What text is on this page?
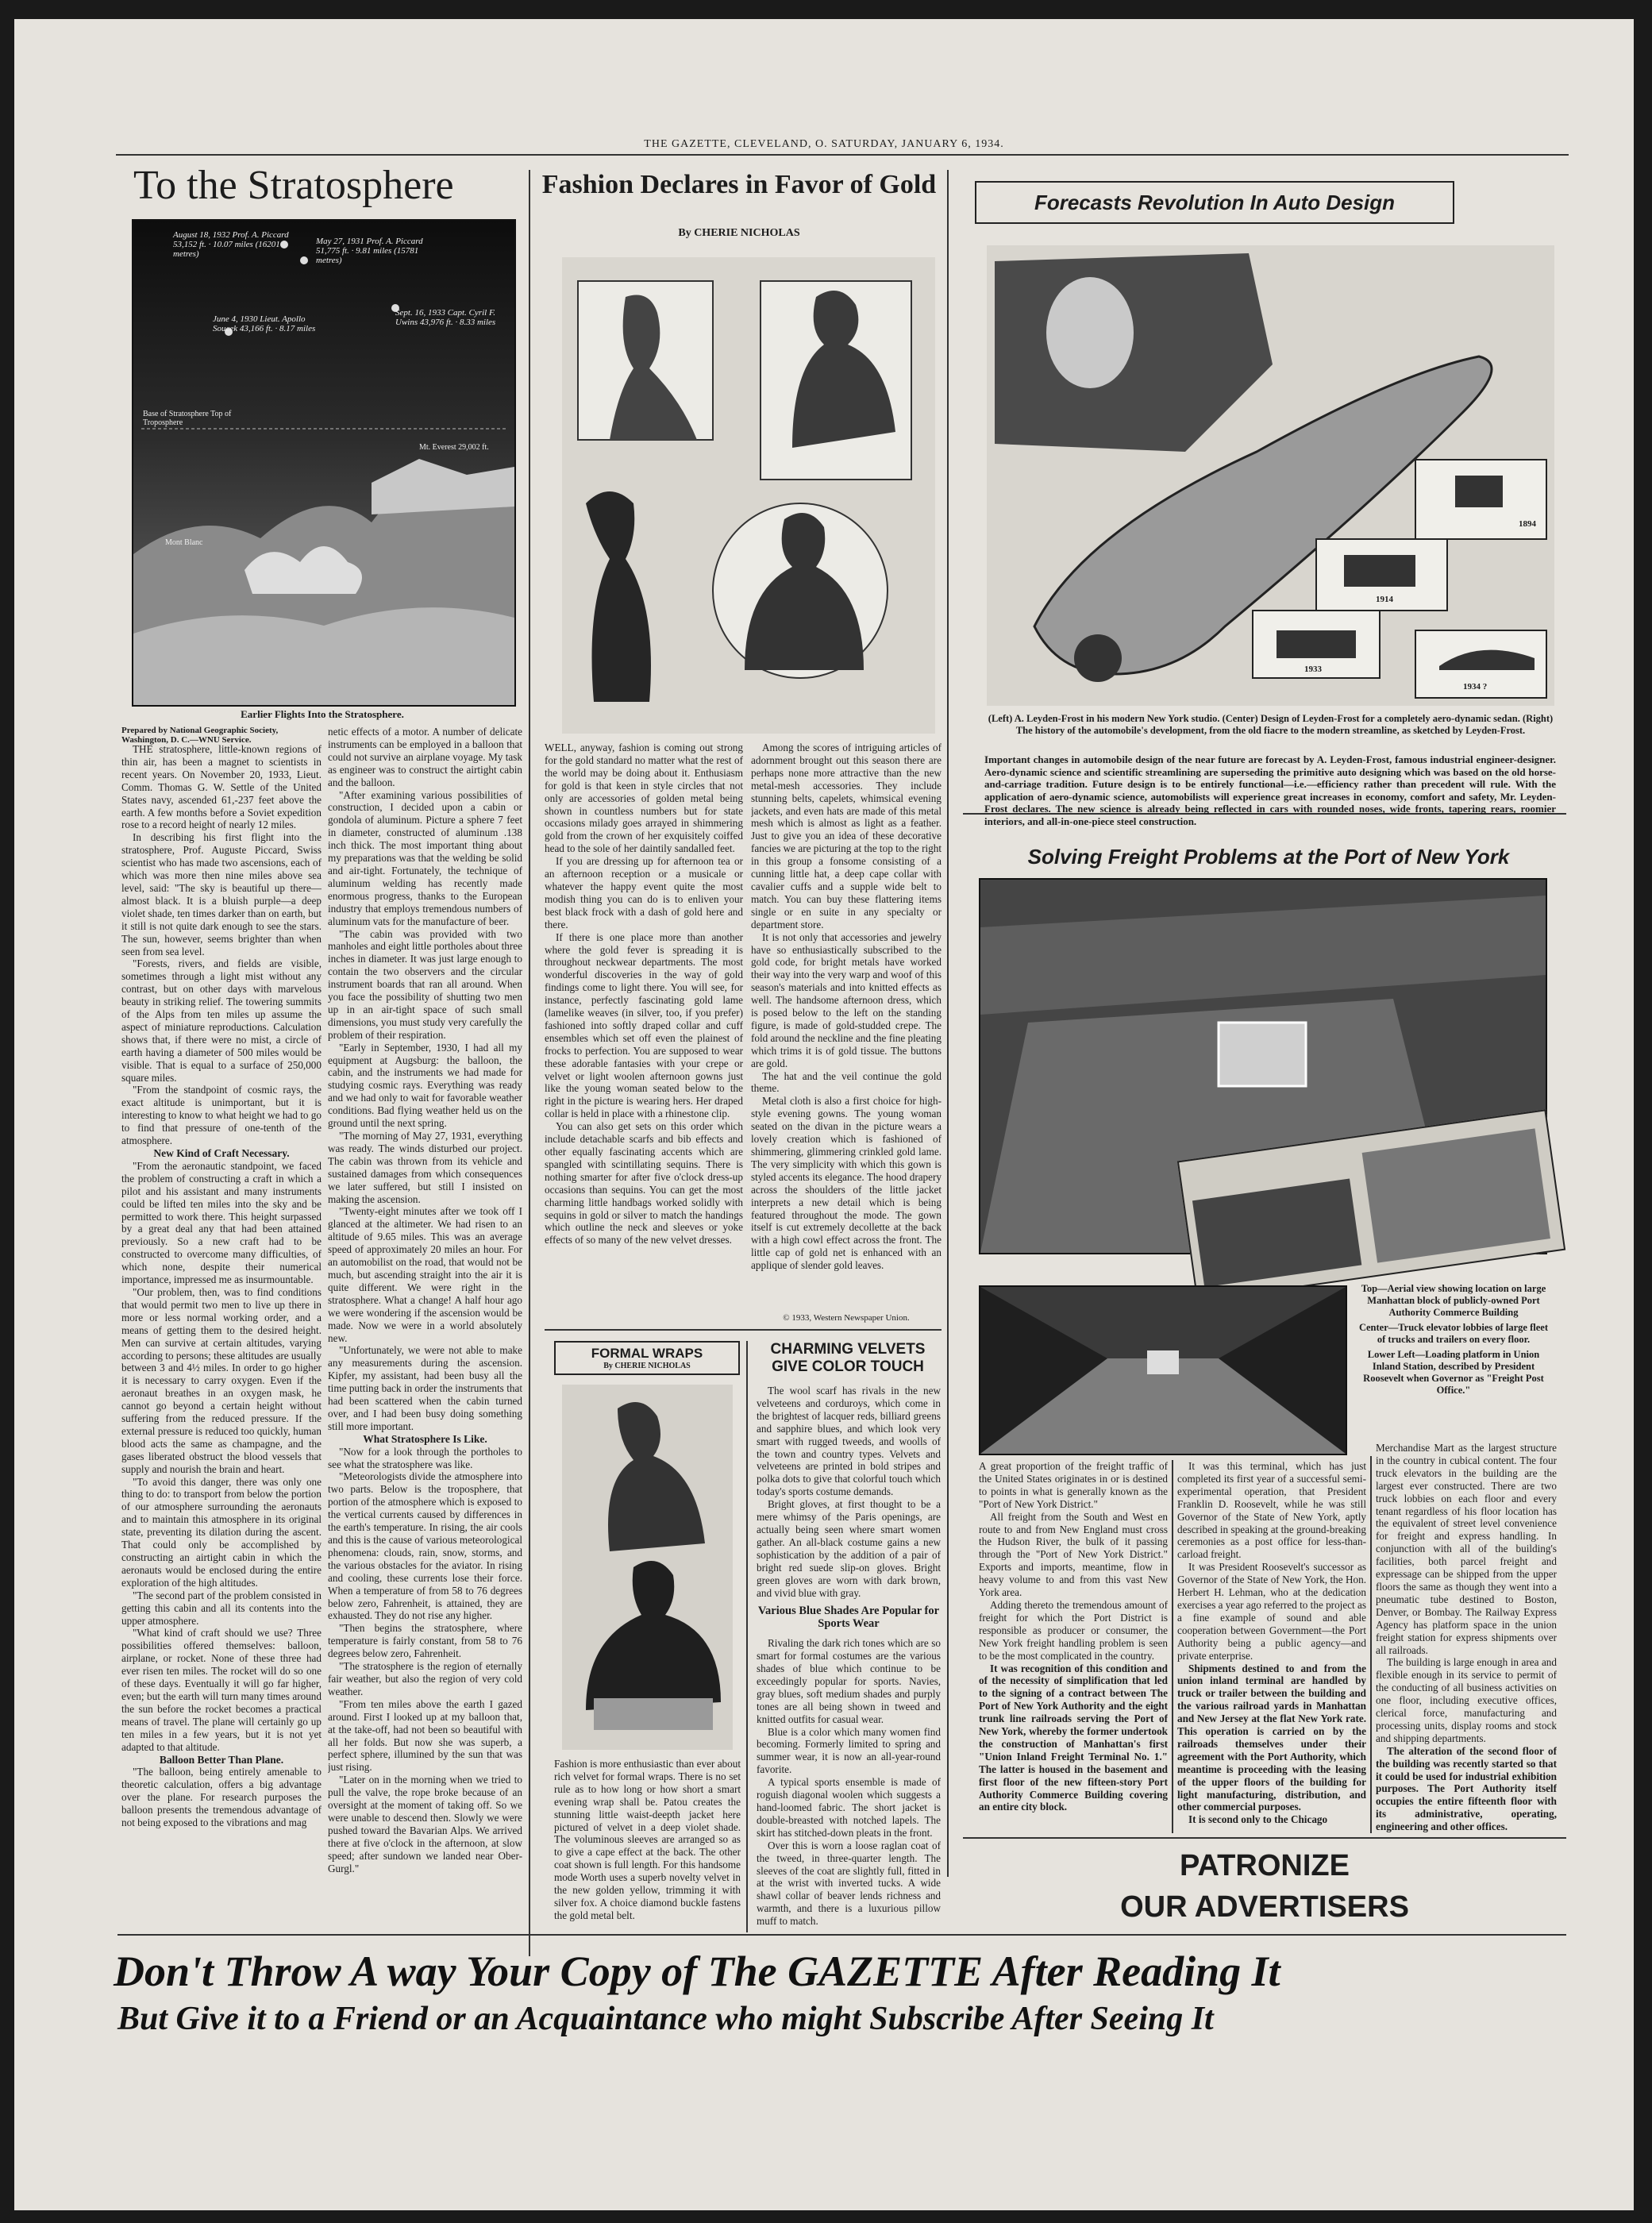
THE GAZETTE, CLEVELAND, O. SATURDAY, JANUARY 6, 1934.
To the Stratosphere
August 18, 1932 Prof. A. Piccard 53,152 ft. · 10.07 miles (16201 metres)
May 27, 1931 Prof. A. Piccard 51,775 ft. · 9.81 miles (15781 metres)
June 4, 1930 Lieut. Apollo Soucek 43,166 ft. · 8.17 miles
Sept. 16, 1933 Capt. Cyril F. Uwins 43,976 ft. · 8.33 miles
Base of Stratosphere Top of Troposphere
Mt. Everest 29,002 ft.
Mont Blanc
Earlier Flights Into the Stratosphere.
Prepared by National Geographic Society, Washington, D. C.—WNU Service.

THE stratosphere, little-known regions of thin air, has been a magnet to scientists in recent years. On November 20, 1933, Lieut. Comm. Thomas G. W. Settle of the United States navy, ascended 61,-237 feet above the earth. A few months before a Soviet expedition rose to a record height of nearly 12 miles.

In describing his first flight into the stratosphere, Prof. Auguste Piccard, Swiss scientist who has made two ascensions, each of which was more then nine miles above sea level, said: "The sky is beautiful up there—almost black. It is a bluish purple—a deep violet shade, ten times darker than on earth, but it still is not quite dark enough to see the stars. The sun, however, seems brighter than when seen from sea level.

"Forests, rivers, and fields are visible, sometimes through a light mist without any contrast, but on other days with marvelous beauty in striking relief. The towering summits of the Alps from ten miles up assume the aspect of miniature reproductions. Calculation shows that, if there were no mist, a circle of earth having a diameter of 500 miles would be visible. That is equal to a surface of 250,000 square miles.

"From the standpoint of cosmic rays, the exact altitude is unimportant, but it is interesting to know to what height we had to go to find that pressure of one-tenth of the atmosphere.

New Kind of Craft Necessary.

"From the aeronautic standpoint, we faced the problem of constructing a craft in which a pilot and his assistant and many instruments could be lifted ten miles into the sky and be permitted to work there. This height surpassed by a great deal any that had been attained previously. So a new craft had to be constructed to overcome many difficulties, of which none, despite their numerical importance, impressed me as insurmountable.

"Our problem, then, was to find conditions that would permit two men to live up there in more or less normal working order, and a means of getting them to the desired height. Men can survive at certain altitudes, varying according to persons; these altitudes are usually between 3 and 4½ miles. In order to go higher it is necessary to carry oxygen. Even if the aeronaut breathes in an oxygen mask, he cannot go beyond a certain height without suffering from the reduced pressure. If the external pressure is reduced too quickly, human blood acts the same as champagne, and the gases liberated obstruct the blood vessels that supply and nourish the brain and heart.

"To avoid this danger, there was only one thing to do: to transport from below the portion of our atmosphere surrounding the aeronauts and to maintain this atmosphere in its original state, preventing its dilation during the ascent. That could only be accomplished by constructing an airtight cabin in which the aeronauts would be enclosed during the entire exploration of the high altitudes.

"The second part of the problem consisted in getting this cabin and all its contents into the upper atmosphere.

"What kind of craft should we use? Three possibilities offered themselves: balloon, airplane, or rocket. None of these three had ever risen ten miles. The rocket will do so one of these days. Eventually it will go far higher, even; but the earth will turn many times around the sun before the rocket becomes a practical means of travel. The plane will certainly go up ten miles in a few years, but it is not yet adapted to that altitude.

Balloon Better Than Plane.

"The balloon, being entirely amenable to theoretic calculation, offers a big advantage over the plane. For research purposes the balloon presents the tremendous advantage of not being exposed to the vibrations and mag

netic effects of a motor. A number of delicate instruments can be employed in a balloon that could not survive an airplane voyage. My task as engineer was to construct the airtight cabin and the balloon.

"After examining various possibilities of construction, I decided upon a cabin or gondola of aluminum. Picture a sphere 7 feet in diameter, constructed of aluminum .138 inch thick. The most important thing about my preparations was that the welding be solid and air-tight. Fortunately, the technique of aluminum welding has recently made enormous progress, thanks to the European industry that employs tremendous numbers of aluminum vats for the manufacture of beer.

"The cabin was provided with two manholes and eight little portholes about three inches in diameter. It was just large enough to contain the two observers and the circular instrument boards that ran all around. When you face the possibility of shutting two men up in an air-tight space of such small dimensions, you must study very carefully the problem of their respiration.

"Early in September, 1930, I had all my equipment at Augsburg: the balloon, the cabin, and the instruments we had made for studying cosmic rays. Everything was ready and we had only to wait for favorable weather conditions. Bad flying weather held us on the ground until the next spring.

"The morning of May 27, 1931, everything was ready. The winds disturbed our project. The cabin was thrown from its vehicle and sustained damages from which consequences we later suffered, but still I insisted on making the ascension.

"Twenty-eight minutes after we took off I glanced at the altimeter. We had risen to an altitude of 9.65 miles. This was an average speed of approximately 20 miles an hour. For an automobilist on the road, that would not be much, but ascending straight into the air it is quite different. We were right in the stratosphere. What a change! A half hour ago we were wondering if the ascension would be made. Now we were in a world absolutely new.

"Unfortunately, we were not able to make any measurements during the ascension. Kipfer, my assistant, had been busy all the time putting back in order the instruments that had been scattered when the cabin turned over, and I had been busy doing something still more important.

What Stratosphere Is Like.

"Now for a look through the portholes to see what the stratosphere was like.

"Meteorologists divide the atmosphere into two parts. Below is the troposphere, that portion of the atmosphere which is exposed to the vertical currents caused by differences in the earth's temperature. In rising, the air cools and this is the cause of various meteorological phenomena: clouds, rain, snow, storms, and the various obstacles for the aviator. In rising and cooling, these currents lose their force. When a temperature of from 58 to 76 degrees below zero, Fahrenheit, is attained, they are exhausted. They do not rise any higher.

"Then begins the stratosphere, where temperature is fairly constant, from 58 to 76 degrees below zero, Fahrenheit.

"The stratosphere is the region of eternally fair weather, but also the region of very cold weather.

"From ten miles above the earth I gazed around. First I looked up at my balloon that, at the take-off, had not been so beautiful with all her folds. But now she was superb, a perfect sphere, illumined by the sun that was just rising.

"Later on in the morning when we tried to pull the valve, the rope broke because of an oversight at the moment of taking off. So we were unable to descend then. Slowly we were pushed toward the Bavarian Alps. We arrived there at five o'clock in the afternoon, at slow speed; after sundown we landed near Ober-Gurgl."

Fashion Declares in Favor of Gold
By CHERIE NICHOLAS

WELL, anyway, fashion is coming out strong for the gold standard no matter what the rest of the world may be doing about it. Enthusiasm for gold is that keen in style circles that not only are accessories of golden metal being shown in countless numbers but for state occasions milady goes arrayed in shimmering gold from the crown of her exquisitely coiffed head to the sole of her daintily sandalled feet.

If you are dressing up for afternoon tea or an afternoon reception or a musicale or whatever the happy event quite the most modish thing you can do is to enliven your best black frock with a dash of gold here and there.

If there is one place more than another where the gold fever is spreading it is throughout neckwear departments. The most wonderful discoveries in the way of gold findings come to light there. You will see, for instance, perfectly fascinating gold lame (lamelike weaves (in silver, too, if you prefer) fashioned into softly draped collar and cuff ensembles which set off even the plainest of frocks to perfection. You are supposed to wear these adorable fantasies with your crepe or velvet or light woolen afternoon gowns just like the young woman seated below to the right in the picture is wearing hers. Her draped collar is held in place with a rhinestone clip.

You can also get sets on this order which include detachable scarfs and bib effects and other equally fascinating accents which are spangled with scintillating sequins. There is nothing smarter for after five o'clock dress-up occasions than sequins. You can get the most charming little handbags worked solidly with sequins in gold or silver to match the handings which outline the neck and sleeves or yoke effects of so many of the new velvet dresses.

Among the scores of intriguing articles of adornment brought out this season there are perhaps none more attractive than the new metal-mesh accessories. They include stunning belts, capelets, whimsical evening jackets, and even hats are made of this metal mesh which is almost as light as a feather. Just to give you an idea of these decorative fancies we are picturing at the top to the right in this group a fonsome consisting of a cunning little hat, a deep cape collar with cavalier cuffs and a supple wide belt to match. You can buy these flattering items single or en suite in any specialty or department store.

It is not only that accessories and jewelry have so enthusiastically subscribed to the gold code, for bright metals have worked their way into the very warp and woof of this season's materials and into knitted effects as well. The handsome afternoon dress, which is posed below to the left on the standing figure, is made of gold-studded crepe. The fold around the neckline and the fine pleating which trims it is of gold tissue. The buttons are gold.

The hat and the veil continue the gold theme.

Metal cloth is also a first choice for high-style evening gowns. The young woman seated on the divan in the picture wears a lovely creation which is fashioned of shimmering, glimmering crinkled gold lame. The very simplicity with which this gown is styled accents its elegance. The hood drapery across the shoulders of the little jacket interprets a new detail which is being featured throughout the mode. The gown itself is cut extremely decollette at the back with a high cowl effect across the front. The little cap of gold net is enhanced with an applique of slender gold leaves.

© 1933, Western Newspaper Union.
FORMAL WRAPS
By CHERIE NICHOLAS
Fashion is more enthusiastic than ever about rich velvet for formal wraps. There is no set rule as to how long or how short a smart evening wrap shall be. Patou creates the stunning little waist-deepth jacket here pictured of velvet in a deep violet shade. The voluminous sleeves are arranged so as to give a cape effect at the back. The other coat shown is full length. For this handsome mode Worth uses a superb novelty velvet in the new golden yellow, trimming it with silver fox. A choice diamond buckle fastens the gold metal belt.
CHARMING VELVETS GIVE COLOR TOUCH

The wool scarf has rivals in the new velveteens and corduroys, which come in the brightest of lacquer reds, billiard greens and sapphire blues, and which look very smart with rugged tweeds, and woolls of the town and country types. Velvets and velveteens are printed in bold stripes and polka dots to give that colorful touch which today's sports costume demands.

Bright gloves, at first thought to be a mere whimsy of the Paris openings, are actually being seen where smart women gather. An all-black costume gains a new sophistication by the addition of a pair of bright red suede slip-on gloves. Bright green gloves are worn with dark brown, and vivid blue with gray.

Various Blue Shades Are Popular for Sports Wear

Rivaling the dark rich tones which are so smart for formal costumes are the various shades of blue which continue to be exceedingly popular for sports. Navies, gray blues, soft medium shades and purply tones are all being shown in tweed and knitted outfits for casual wear.

Blue is a color which many women find becoming. Formerly limited to spring and summer wear, it is now an all-year-round favorite.

A typical sports ensemble is made of roguish diagonal woolen which suggests a hand-loomed fabric. The short jacket is double-breasted with notched lapels. The skirt has stitched-down pleats in the front.

Over this is worn a loose raglan coat of the tweed, in three-quarter length. The sleeves of the coat are slightly full, fitted in at the wrist with inverted tucks. A wide shawl collar of beaver lends richness and warmth, and there is a luxurious pillow muff to match.

Forecasts Revolution In Auto Design
1894
1914
1933
1934 ?
(Left) A. Leyden-Frost in his modern New York studio. (Center) Design of Leyden-Frost for a completely aero-dynamic sedan. (Right) The history of the automobile's development, from the old fiacre to the modern streamline, as sketched by Leyden-Frost.
Important changes in automobile design of the near future are forecast by A. Leyden-Frost, famous industrial engineer-designer. Aero-dynamic science and scientific streamlining are superseding the primitive auto designing which was based on the old horse-and-carriage tradition. Future design is to be entirely functional—i.e.—efficiency rather than precedent will rule. With the application of aero-dynamic science, automobilists will experience great increases in economy, comfort and safety, Mr. Leyden-Frost declares. The new science is already being reflected in cars with rounded noses, wide fronts, tapering rears, roomier interiors, and all-in-one-piece steel construction.
Solving Freight Problems at the Port of New York

Top—Aerial view showing location on large Manhattan block of publicly-owned Port Authority Commerce Building

Center—Truck elevator lobbies of large fleet of trucks and trailers on every floor.

Lower Left—Loading platform in Union Inland Station, described by President Roosevelt when Governor as "Freight Post Office."

A great proportion of the freight traffic of the United States originates in or is destined to points in what is generally known as the "Port of New York District."

All freight from the South and West en route to and from New England must cross the Hudson River, the bulk of it passing through the "Port of New York District." Exports and imports, meantime, flow in heavy volume to and from this vast New York area.

Adding thereto the tremendous amount of freight for which the Port District is responsible as producer or consumer, the New York freight handling problem is seen to be the most complicated in the country.

It was recognition of this condition and of the necessity of simplification that led to the signing of a contract between The Port of New York Authority and the eight trunk line railroads serving the Port of New York, whereby the former undertook the construction of Manhattan's first "Union Inland Freight Terminal No. 1." The latter is housed in the basement and first floor of the new fifteen-story Port Authority Commerce Building covering an entire city block.

It was this terminal, which has just completed its first year of a successful semi-experimental operation, that President Franklin D. Roosevelt, while he was still Governor of the State of New York, aptly described in speaking at the ground-breaking ceremonies as a post office for less-than-carload freight.

It was President Roosevelt's successor as Governor of the State of New York, the Hon. Herbert H. Lehman, who at the dedication exercises a year ago referred to the project as a fine example of sound and able cooperation between Government—the Port Authority being a public agency—and private enterprise.

Shipments destined to and from the union inland terminal are handled by truck or trailer between the building and the various railroad yards in Manhattan and New Jersey at the flat New York rate. This operation is carried on by the railroads themselves under their agreement with the Port Authority, which meantime is proceeding with the leasing of the upper floors of the building for light manufacturing, distribution, and other commercial purposes.

It is second only to the Chicago

Merchandise Mart as the largest structure in the country in cubical content. The four truck elevators in the building are the largest ever constructed. There are two truck lobbies on each floor and every tenant regardless of his floor location has the equivalent of street level convenience for freight and express handling. In conjunction with all of the building's facilities, both parcel freight and expressage can be shipped from the upper floors the same as though they went into a pneumatic tube destined to Boston, Denver, or Bombay. The Railway Express Agency has platform space in the union freight station for express shipments over all railroads.

The building is large enough in area and flexible enough in its service to permit of the conducting of all business activities on one floor, including executive offices, clerical force, manufacturing and processing units, display rooms and stock and shipping departments.

The alteration of the second floor of the building was recently started so that it could be used for industrial exhibition purposes. The Port Authority itself occupies the entire fifteenth floor with its administrative, operating, engineering and other offices.

PATRONIZE
OUR ADVERTISERS
Don't Throw A way Your Copy of The GAZETTE After Reading It
But Give it to a Friend or an Acquaintance who might Subscribe After Seeing It
